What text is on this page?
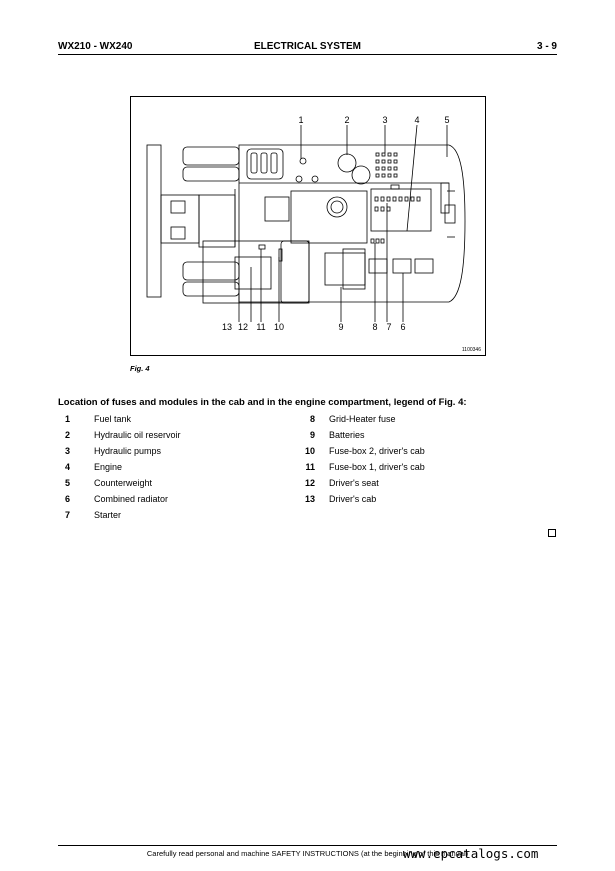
WX210 - WX240	ELECTRICAL SYSTEM	3 - 9
1	2	3	4	5
13 12 11 10	9	8 7 6
1100346
Fig. 4
Location of fuses and modules in the cab and in the engine compartment, legend of Fig. 4:
1	Fuel tank
2	Hydraulic oil reservoir
3	Hydraulic pumps
4	Engine
5	Counterweight
6	Combined radiator
7	Starter
8 Grid-Heater fuse
9 Batteries
10 Fuse-box 2, driver's cab
11 Fuse-box 1, driver's cab
12 Driver's seat
13 Driver's cab
Carefully read personal and machine SAFETY INSTRUCTIONS (at the beginning of this manual)
www.epcatalogs.com
